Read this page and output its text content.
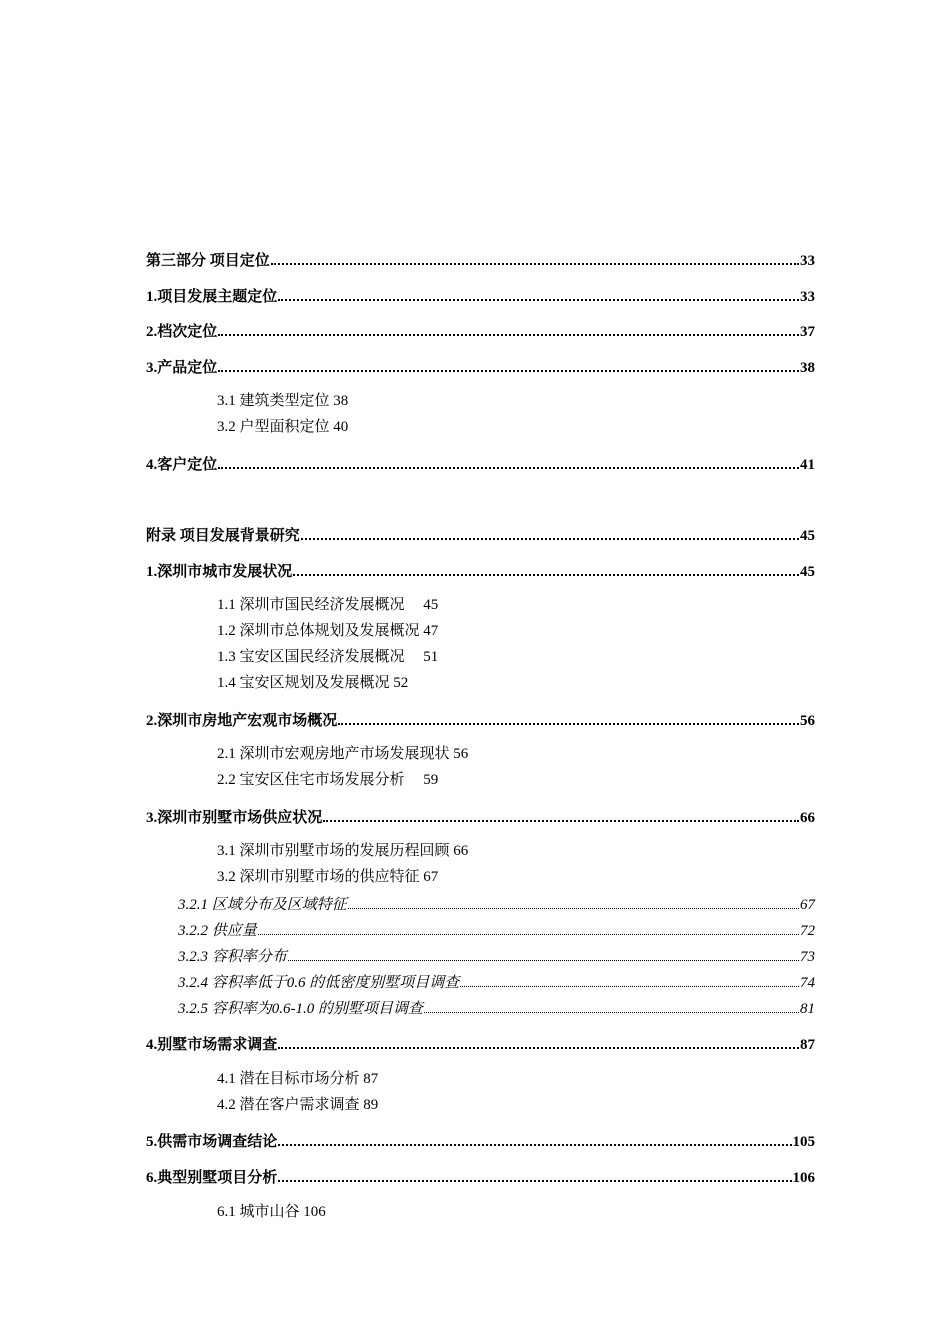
第三部分 项目定位	33
1.项目发展主题定位	33
2.档次定位	37
3.产品定位	38
3.1 建筑类型定位 38
3.2 户型面积定位 40
4.客户定位	41
附录 项目发展背景研究	45
1.深圳市城市发展状况	45
1.1 深圳市国民经济发展概况     45
1.2 深圳市总体规划及发展概况 47
1.3 宝安区国民经济发展概况     51
1.4 宝安区规划及发展概况 52
2.深圳市房地产宏观市场概况	56
2.1 深圳市宏观房地产市场发展现状 56
2.2 宝安区住宅市场发展分析     59
3.深圳市别墅市场供应状况	66
3.1 深圳市别墅市场的发展历程回顾 66
3.2 深圳市别墅市场的供应特征 67
3.2.1 区域分布及区域特征	67
3.2.2 供应量	72
3.2.3 容积率分布	73
3.2.4 容积率低于0.6 的低密度别墅项目调查	74
3.2.5 容积率为0.6-1.0 的别墅项目调查	81
4.别墅市场需求调查	87
4.1 潜在目标市场分析 87
4.2 潜在客户需求调查 89
5.供需市场调查结论	105
6.典型别墅项目分析	106
6.1 城市山谷 106
